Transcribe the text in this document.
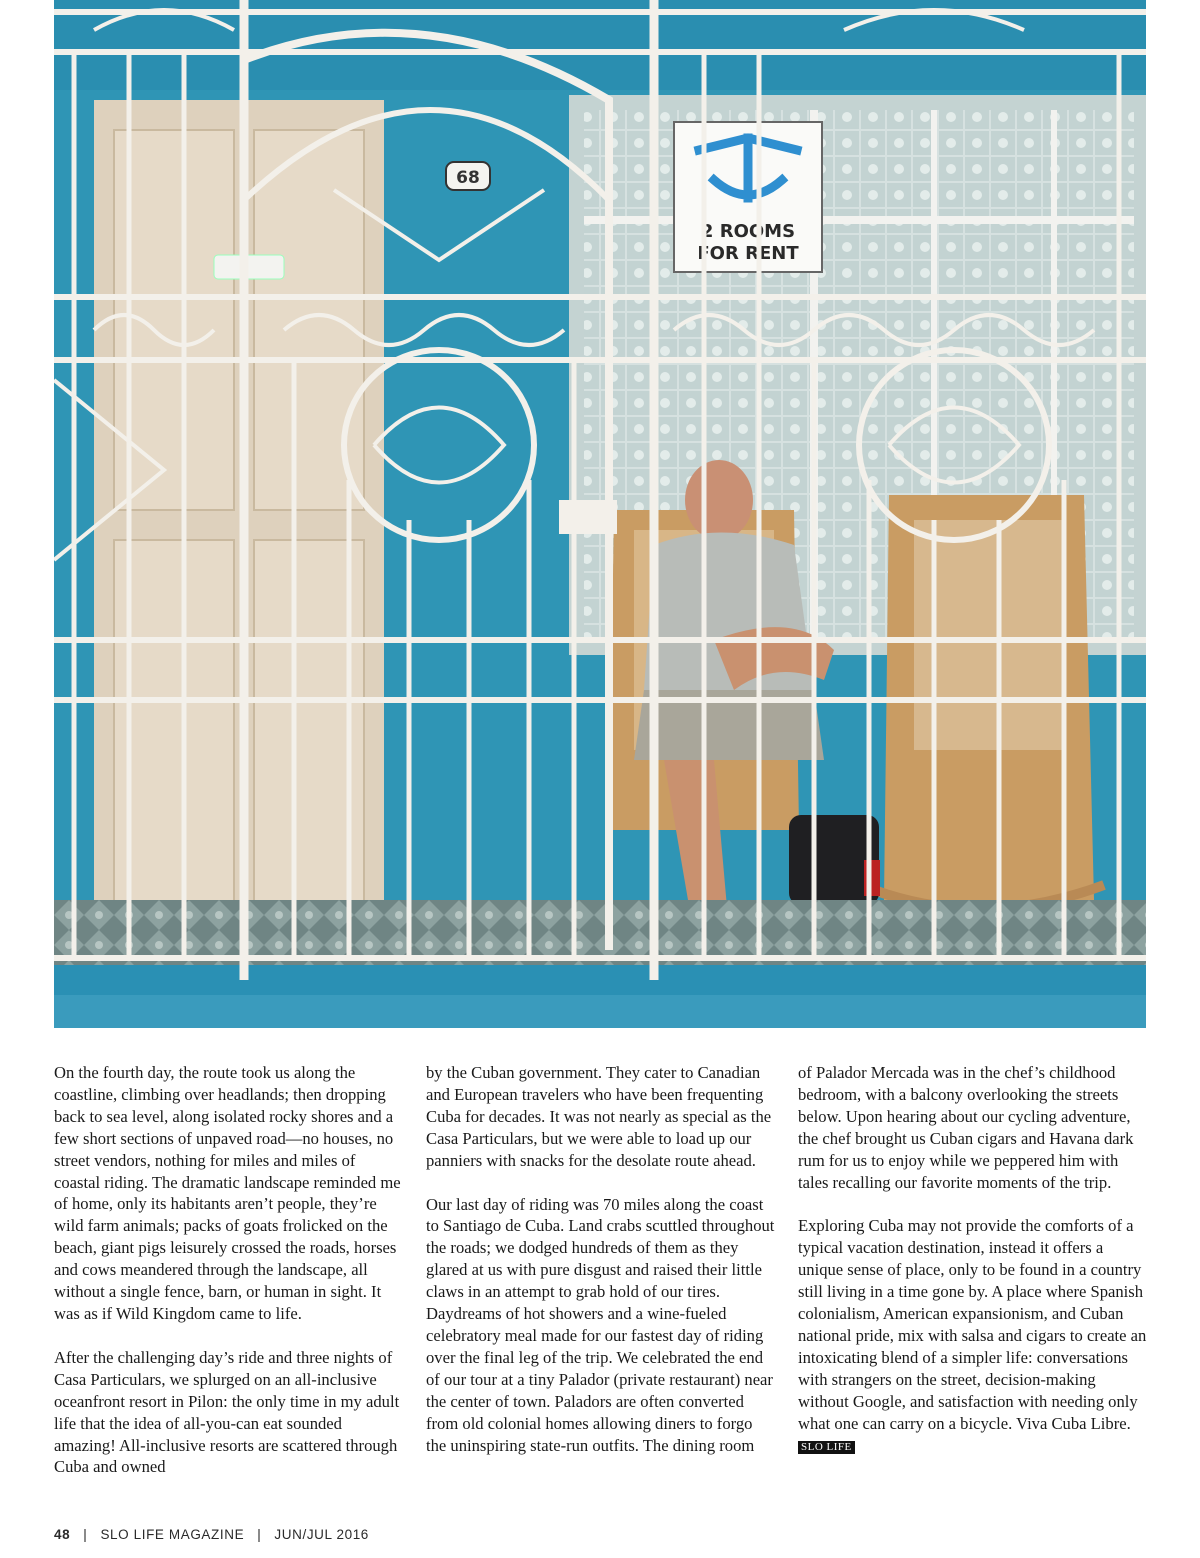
68
2 ROOMS
FOR RENT

On the fourth day, the route took us along the coastline, climbing over headlands; then dropping back to sea level, along isolated rocky shores and a few short sections of unpaved road—no houses, no street vendors, nothing for miles and miles of coastal riding. The dramatic landscape reminded me of home, only its habitants aren’t people, they’re wild farm animals; packs of goats frolicked on the beach, giant pigs leisurely crossed the roads, horses and cows meandered through the landscape, all without a single fence, barn, or human in sight. It was as if Wild Kingdom came to life.

After the challenging day’s ride and three nights of Casa Particulars, we splurged on an all-inclusive oceanfront resort in Pilon: the only time in my adult life that the idea of all-you-can eat sounded amazing! All-inclusive resorts are scattered through Cuba and owned

by the Cuban government. They cater to Canadian and European travelers who have been frequenting Cuba for decades. It was not nearly as special as the Casa Particulars, but we were able to load up our panniers with snacks for the desolate route ahead.

Our last day of riding was 70 miles along the coast to Santiago de Cuba. Land crabs scuttled throughout the roads; we dodged hundreds of them as they glared at us with pure disgust and raised their little claws in an attempt to grab hold of our tires. Daydreams of hot showers and a wine-fueled celebratory meal made for our fastest day of riding over the final leg of the trip. We celebrated the end of our tour at a tiny Palador (private restaurant) near the center of town. Paladors are often converted from old colonial homes allowing diners to forgo the uninspiring state-run outfits. The dining room

of Palador Mercada was in the chef’s childhood bedroom, with a balcony overlooking the streets below. Upon hearing about our cycling adventure, the chef brought us Cuban cigars and Havana dark rum for us to enjoy while we peppered him with tales recalling our favorite moments of the trip.

Exploring Cuba may not provide the comforts of a typical vacation destination, instead it offers a unique sense of place, only to be found in a country still living in a time gone by. A place where Spanish colonialism, American expansionism, and Cuban national pride, mix with salsa and cigars to create an intoxicating blend of a simpler life: conversations with strangers on the street, decision-making without Google, and satisfaction with needing only what one can carry on a bicycle. Viva Cuba Libre. SLO LIFE

48 | SLO LIFE MAGAZINE | JUN/JUL 2016
